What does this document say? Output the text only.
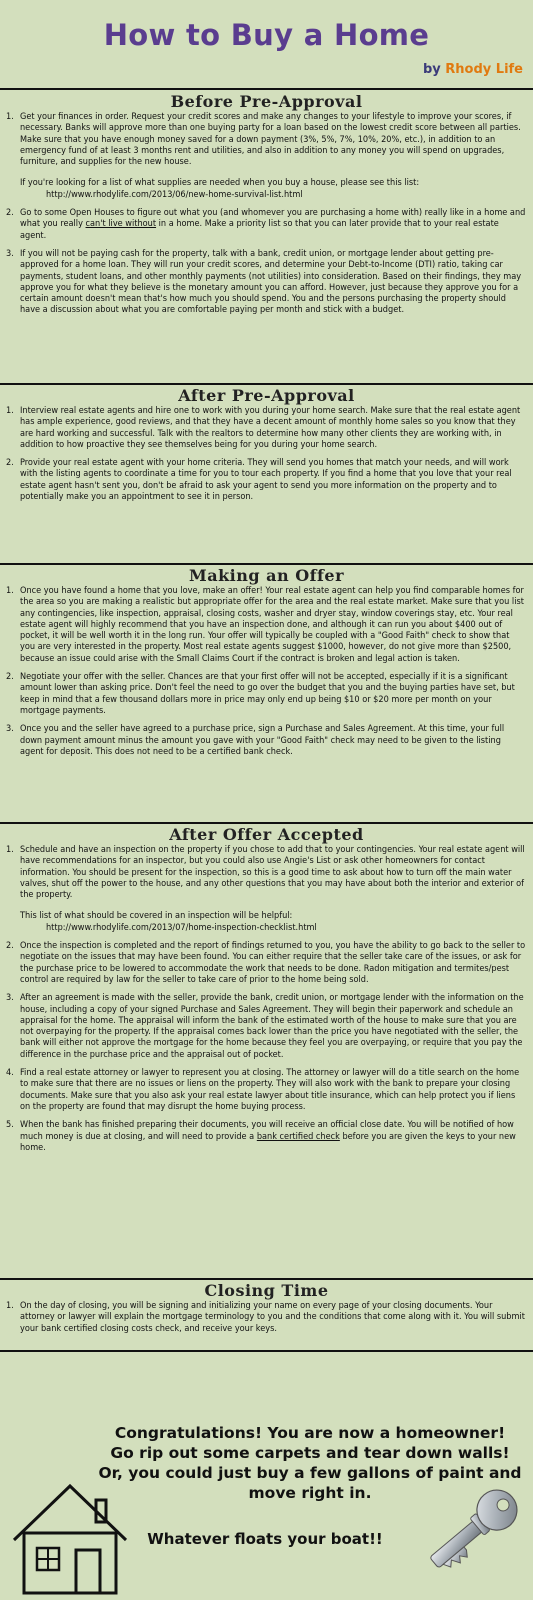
How to Buy a Home
by Rhody Life
Before Pre-Approval
1. Get your finances in order. Request your credit scores and make any changes to your lifestyle to improve your scores, if necessary. Banks will approve more than one buying party for a loan based on the lowest credit score between all parties. Make sure that you have enough money saved for a down payment (3%, 5%, 7%, 10%, 20%, etc.), in addition to an emergency fund of at least 3 months rent and utilities, and also in addition to any money you will spend on upgrades, furniture, and supplies for the new house.

If you're looking for a list of what supplies are needed when you buy a house, please see this list:

http://www.rhodylife.com/2013/06/new-home-survival-list.html

2. Go to some Open Houses to figure out what you (and whomever you are purchasing a home with) really like in a home and what you really can't live without in a home. Make a priority list so that you can later provide that to your real estate agent.

3. If you will not be paying cash for the property, talk with a bank, credit union, or mortgage lender about getting pre-approved for a home loan. They will run your credit scores, and determine your Debt-to-Income (DTI) ratio, taking car payments, student loans, and other monthly payments (not utilities) into consideration. Based on their findings, they may approve you for what they believe is the monetary amount you can afford. However, just because they approve you for a certain amount doesn't mean that's how much you should spend. You and the persons purchasing the property should have a discussion about what you are comfortable paying per month and stick with a budget.

After Pre-Approval
1. Interview real estate agents and hire one to work with you during your home search. Make sure that the real estate agent has ample experience, good reviews, and that they have a decent amount of monthly home sales so you know that they are hard working and successful. Talk with the realtors to determine how many other clients they are working with, in addition to how proactive they see themselves being for you during your home search.

2. Provide your real estate agent with your home criteria. They will send you homes that match your needs, and will work with the listing agents to coordinate a time for you to tour each property. If you find a home that you love that your real estate agent hasn't sent you, don't be afraid to ask your agent to send you more information on the property and to potentially make you an appointment to see it in person.

Making an Offer
1. Once you have found a home that you love, make an offer! Your real estate agent can help you find comparable homes for the area so you are making a realistic but appropriate offer for the area and the real estate market. Make sure that you list any contingencies, like inspection, appraisal, closing costs, washer and dryer stay, window coverings stay, etc. Your real estate agent will highly recommend that you have an inspection done, and although it can run you about $400 out of pocket, it will be well worth it in the long run. Your offer will typically be coupled with a "Good Faith" check to show that you are very interested in the property. Most real estate agents suggest $1000, however, do not give more than $2500, because an issue could arise with the Small Claims Court if the contract is broken and legal action is taken.

2. Negotiate your offer with the seller. Chances are that your first offer will not be accepted, especially if it is a significant amount lower than asking price. Don't feel the need to go over the budget that you and the buying parties have set, but keep in mind that a few thousand dollars more in price may only end up being $10 or $20 more per month on your mortgage payments.

3. Once you and the seller have agreed to a purchase price, sign a Purchase and Sales Agreement. At this time, your full down payment amount minus the amount you gave with your "Good Faith" check may need to be given to the listing agent for deposit. This does not need to be a certified bank check.

After Offer Accepted
1. Schedule and have an inspection on the property if you chose to add that to your contingencies. Your real estate agent will have recommendations for an inspector, but you could also use Angie's List or ask other homeowners for contact information. You should be present for the inspection, so this is a good time to ask about how to turn off the main water valves, shut off the power to the house, and any other questions that you may have about both the interior and exterior of the property.

This list of what should be covered in an inspection will be helpful:

http://www.rhodylife.com/2013/07/home-inspection-checklist.html

2. Once the inspection is completed and the report of findings returned to you, you have the ability to go back to the seller to negotiate on the issues that may have been found. You can either require that the seller take care of the issues, or ask for the purchase price to be lowered to accommodate the work that needs to be done. Radon mitigation and termites/pest control are required by law for the seller to take care of prior to the home being sold.

3. After an agreement is made with the seller, provide the bank, credit union, or mortgage lender with the information on the house, including a copy of your signed Purchase and Sales Agreement. They will begin their paperwork and schedule an appraisal for the home. The appraisal will inform the bank of the estimated worth of the house to make sure that you are not overpaying for the property. If the appraisal comes back lower than the price you have negotiated with the seller, the bank will either not approve the mortgage for the home because they feel you are overpaying, or require that you pay the difference in the purchase price and the appraisal out of pocket.

4. Find a real estate attorney or lawyer to represent you at closing. The attorney or lawyer will do a title search on the home to make sure that there are no issues or liens on the property. They will also work with the bank to prepare your closing documents. Make sure that you also ask your real estate lawyer about title insurance, which can help protect you if liens on the property are found that may disrupt the home buying process.

5. When the bank has finished preparing their documents, you will receive an official close date. You will be notified of how much money is due at closing, and will need to provide a bank certified check before you are given the keys to your new home.

Closing Time
1. On the day of closing, you will be signing and initializing your name on every page of your closing documents. Your attorney or lawyer will explain the mortgage terminology to you and the conditions that come along with it. You will submit your bank certified closing costs check, and receive your keys.

Congratulations! You are now a homeowner!
Go rip out some carpets and tear down walls!
Or, you could just buy a few gallons of paint and
move right in.
Whatever floats your boat!!
